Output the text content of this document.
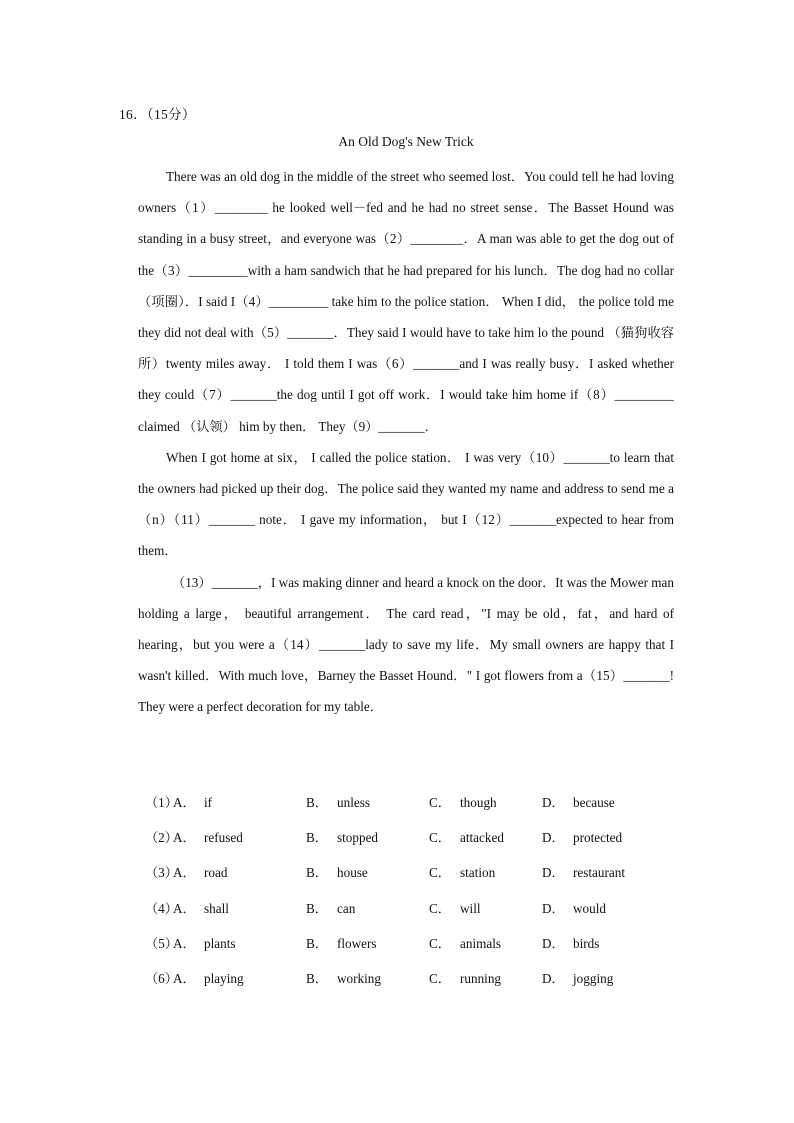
16．（15分）
An Old Dog's New Trick

There was an old dog in the middle of the street who seemed lost．You could tell he had loving owners（1）________ he looked well－fed and he had no street sense．The Basset Hound was standing in a busy street，and everyone was（2）________．A man was able to get the dog out of the（3）_________with a ham sandwich that he had prepared for his lunch．The dog had no collar（项圈）．I said I（4）_________ take him to the police station． When I did， the police told me they did not deal with（5）_______．They said I would have to take him lo the pound （猫狗收容所）twenty miles away． I told them I was（6）_______and I was really busy．I asked whether they could（7）_______the dog until I got off work．I would take him home if（8）_________ claimed （认领） him by then． They（9）_______．

When I got home at six， I called the police station． I was very（10）_______to learn that the owners had picked up their dog．The police said they wanted my name and address to send me a（n）（11）_______ note． I gave my information， but I（12）_______expected to hear from them．

（13）_______，I was making dinner and heard a knock on the door．It was the Mower man holding a large， beautiful arrangement． The card read，"I may be old，fat，and hard of hearing，but you were a（14）_______lady to save my life．My small owners are happy that I wasn't killed．With much love，Barney the Basset Hound．" I got flowers from a（15）_______! They were a perfect decoration for my table．

（1）
A． if	B． unless	C． though	D． because
（2）
A． refused	B． stopped	C． attacked	D． protected
（3）
A． road	B． house	C． station	D． restaurant
（4）
A． shall	B． can	C． will	D． would
（5）
A． plants	B． flowers	C． animals	D． birds
（6）
A． playing	B． working	C． running	D． jogging
